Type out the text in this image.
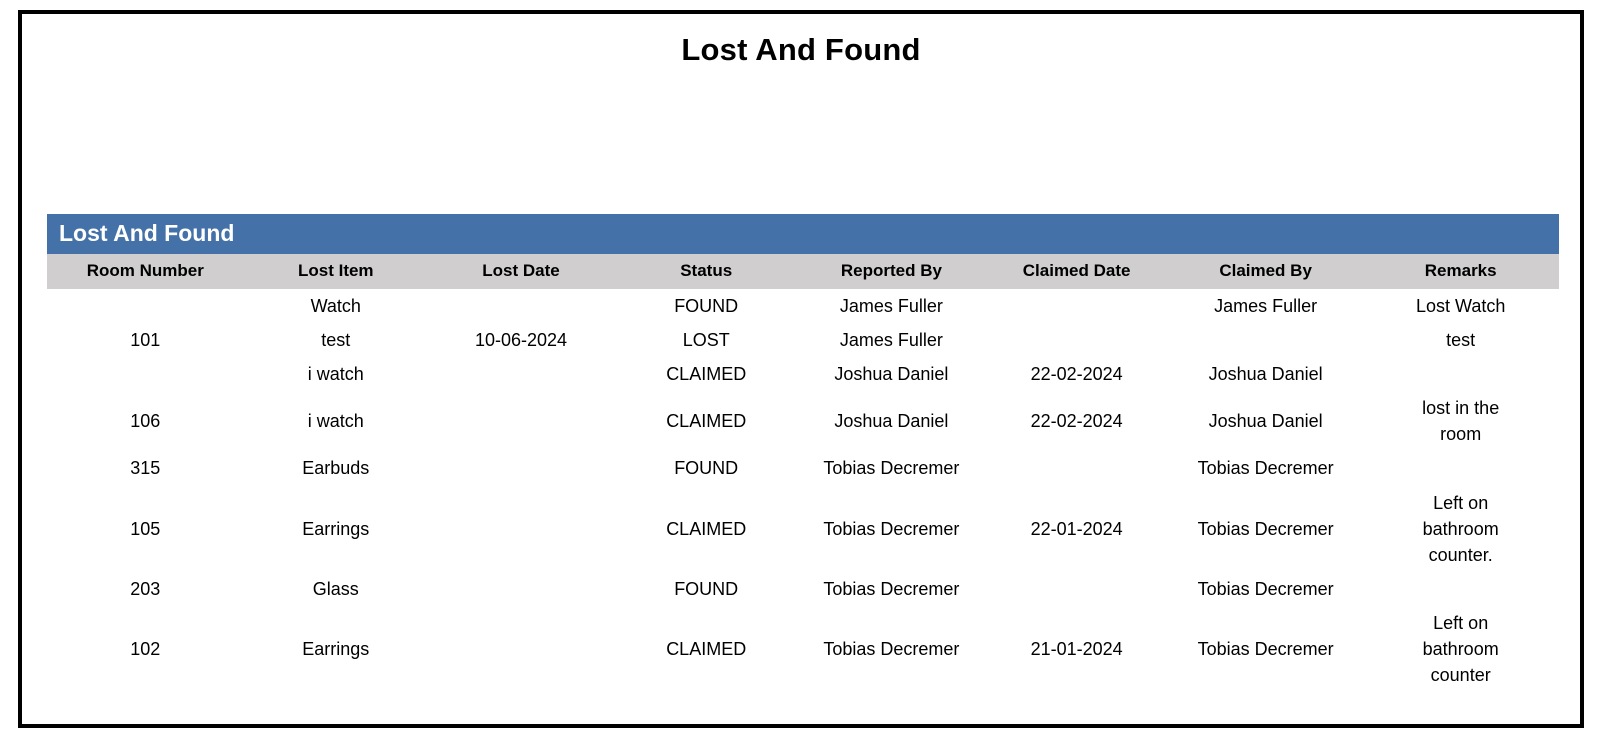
Lost And Found
Lost And Found
Room Number	Lost Item	Lost Date	Status	Reported By	Claimed Date	Claimed By	Remarks
	Watch		FOUND	James Fuller		James Fuller	Lost Watch

101	test	10-06-2024	LOST	James Fuller			test

	i watch		CLAIMED	Joshua Daniel	22-02-2024	Joshua Daniel	

106	i watch		CLAIMED	Joshua Daniel	22-02-2024	Joshua Daniel	lost in the room

315	Earbuds		FOUND	Tobias Decremer		Tobias Decremer	

105	Earrings		CLAIMED	Tobias Decremer	22-01-2024	Tobias Decremer	Left on bathroom counter.

203	Glass		FOUND	Tobias Decremer		Tobias Decremer	

102	Earrings		CLAIMED	Tobias Decremer	21-01-2024	Tobias Decremer	Left on bathroom counter
